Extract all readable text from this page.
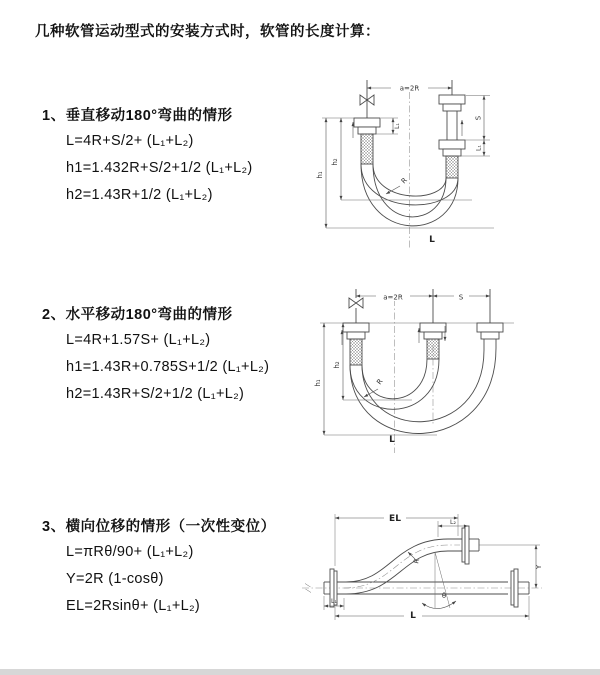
几种软管运动型式的安装方式时，软管的长度计算：
1、垂直移动180°弯曲的情形
L=4R+S/2+ (L₁+L₂)
h1=1.432R+S/2+1/2 (L₁+L₂)
h2=1.43R+1/2 (L₁+L₂)
2、水平移动180°弯曲的情形
L=4R+1.57S+ (L₁+L₂)
h1=1.43R+0.785S+1/2 (L₁+L₂)
h2=1.43R+S/2+1/2 (L₁+L₂)
3、横向位移的情形（一次性变位）
L=πRθ/90+ (L₁+L₂)
Y=2R (1-cosθ)
EL=2Rsinθ+ (L₁+L₂)
a=2R
S
L₁
L₁
h₂
h₁
R
L
a=2R	S
h₂
h₁	R
L
EL	L₂
Y
R
θ
L₁
L
